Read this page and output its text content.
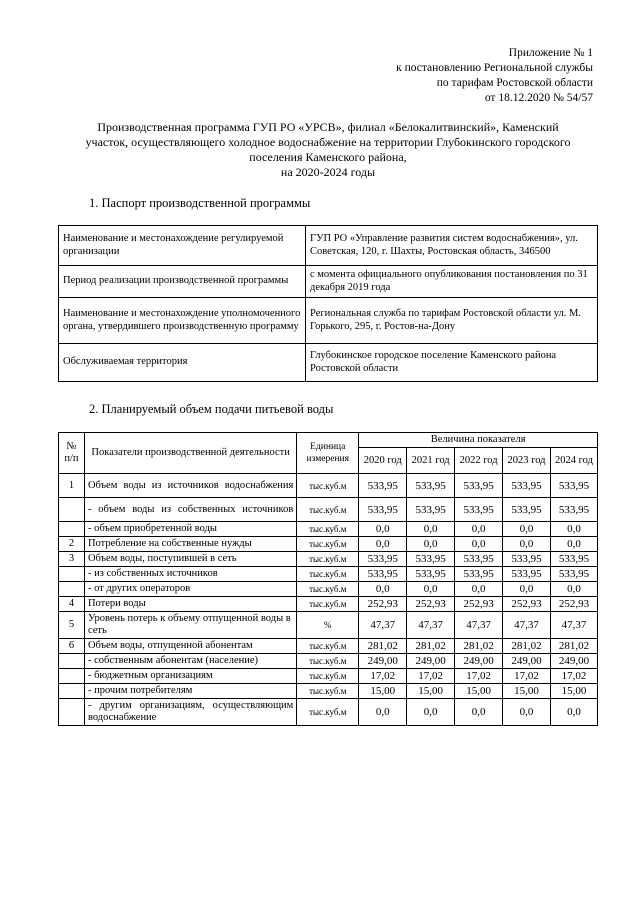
Приложение № 1
к постановлению Региональной службы
по тарифам Ростовской области
от 18.12.2020 № 54/57
Производственная программа ГУП РО «УРСВ», филиал «Белокалитвинский», Каменский
участок, осуществляющего холодное водоснабжение на территории Глубокинского городского
поселения Каменского района,
на 2020-2024 годы
1. Паспорт производственной программы
Наименование и местонахождение регулируемой организации	ГУП РО «Управление развития систем водоснабжения», ул. Советская, 120, г. Шахты, Ростовская область, 346500
Период реализации производственной программы	с момента официального опубликования постановления по 31 декабря 2019 года
Наименование и местонахождение уполномоченного органа, утвердившего производственную программу	Региональная служба по тарифам Ростовской области ул. М. Горького, 295, г. Ростов-на-Дону
Обслуживаемая территория	Глубокинское городское поселение Каменского района Ростовской области
2. Планируемый объем подачи питьевой воды
№ п/п	Показатели производственной деятельности	Единица измерения	Величина показателя				
			2020 год	2021 год	2022 год	2023 год	2024 год
1	Объем воды из источников водоснабжения	тыс.куб.м	533,95	533,95	533,95	533,95	533,95
	- объем воды из собственных источников	тыс.куб.м	533,95	533,95	533,95	533,95	533,95
	- объем приобретенной воды	тыс.куб.м	0,0	0,0	0,0	0,0	0,0
2	Потребление на собственные нужды	тыс.куб.м	0,0	0,0	0,0	0,0	0,0
3	Объем воды, поступившей в сеть	тыс.куб.м	533,95	533,95	533,95	533,95	533,95
	- из собственных источников	тыс.куб.м	533,95	533,95	533,95	533,95	533,95
	- от других операторов	тыс.куб.м	0,0	0,0	0,0	0,0	0,0
4	Потери воды	тыс.куб.м	252,93	252,93	252,93	252,93	252,93
5	Уровень потерь к объему отпущенной воды в сеть	%	47,37	47,37	47,37	47,37	47,37
6	Объем воды, отпущенной абонентам	тыс.куб.м	281,02	281,02	281,02	281,02	281,02
	- собственным абонентам (население)	тыс.куб.м	249,00	249,00	249,00	249,00	249,00
	- бюджетным организациям	тыс.куб.м	17,02	17,02	17,02	17,02	17,02
	- прочим потребителям	тыс.куб.м	15,00	15,00	15,00	15,00	15,00
	- другим организациям, осуществляющим водоснабжение	тыс.куб.м	0,0	0,0	0,0	0,0	0,0
